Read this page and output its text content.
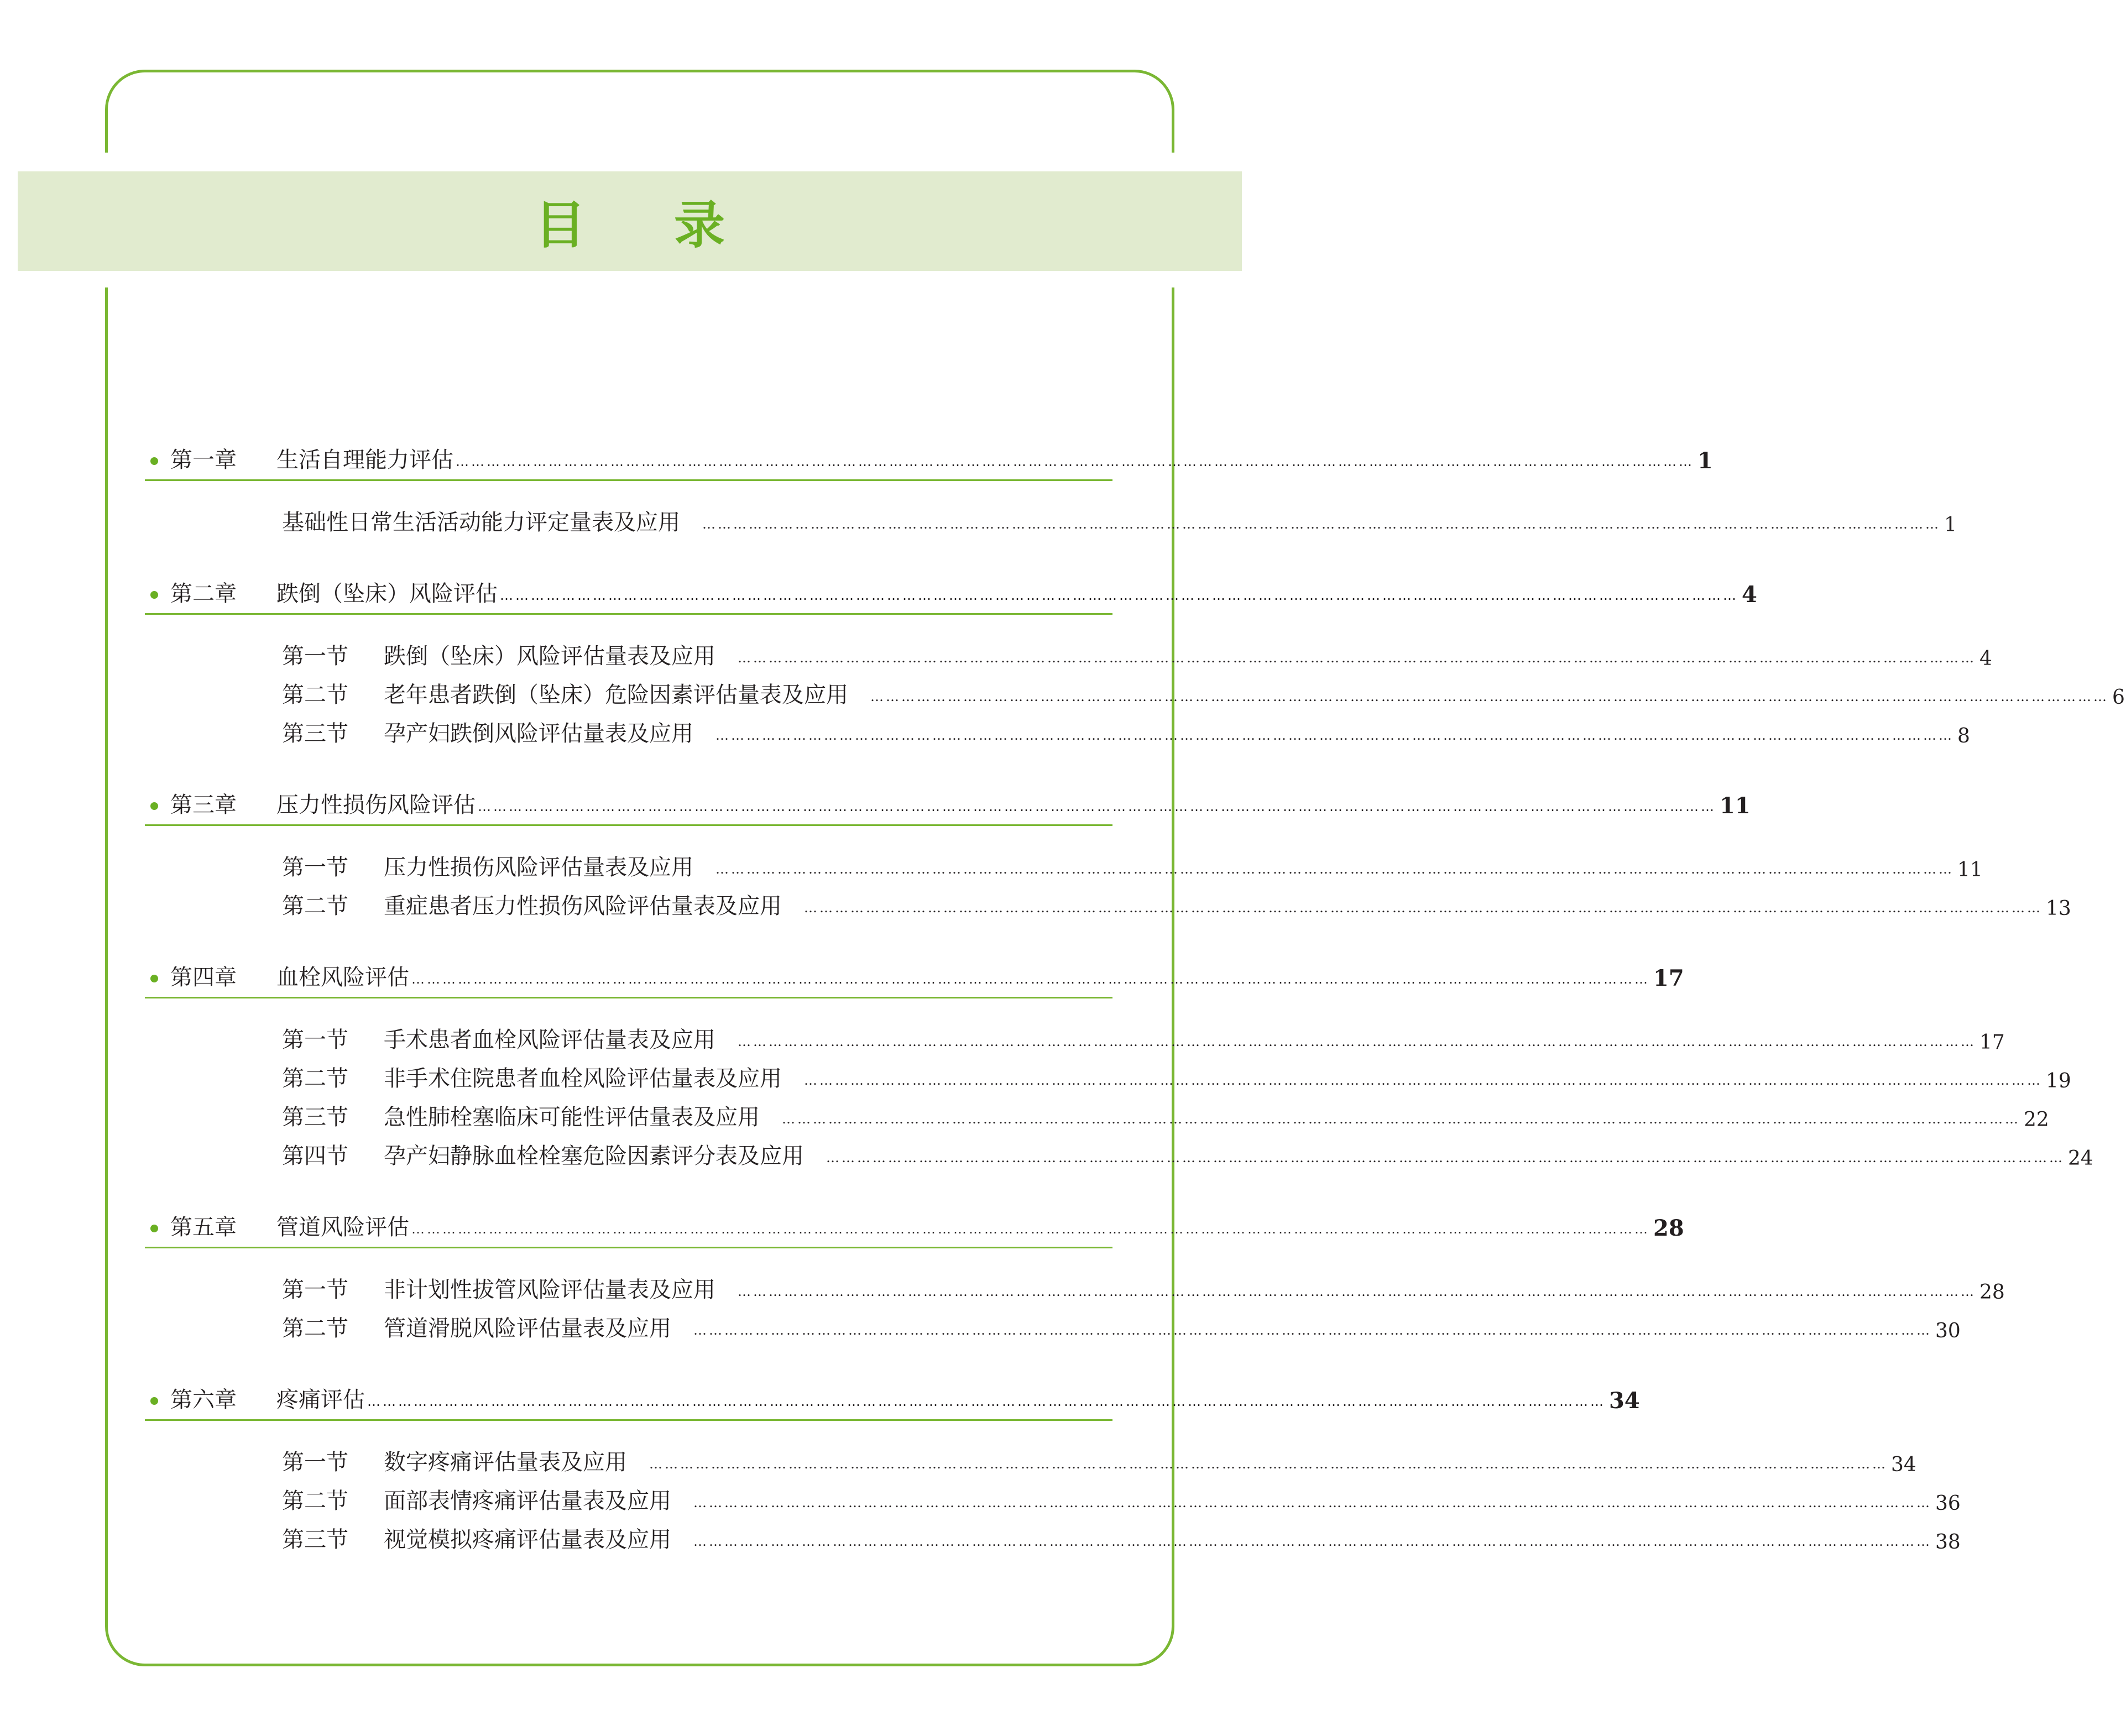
目 录
第一章	生活自理能力评估 …………………………………………………………………………………………………………………………………………………………………………………………………………………… 1
基础性日常生活活动能力评定量表及应用 …………………………………………………………………………………………………………………………………………………………………………………………………………………… 1
第二章	跌倒（坠床）风险评估 …………………………………………………………………………………………………………………………………………………………………………………………………………………… 4
第一节	跌倒（坠床）风险评估量表及应用 …………………………………………………………………………………………………………………………………………………………………………………………………………………… 4
第二节	老年患者跌倒（坠床）危险因素评估量表及应用 …………………………………………………………………………………………………………………………………………………………………………………………………………………… 6
第三节	孕产妇跌倒风险评估量表及应用 …………………………………………………………………………………………………………………………………………………………………………………………………………………… 8
第三章	压力性损伤风险评估 …………………………………………………………………………………………………………………………………………………………………………………………………………………… 11
第一节	压力性损伤风险评估量表及应用 …………………………………………………………………………………………………………………………………………………………………………………………………………………… 11
第二节	重症患者压力性损伤风险评估量表及应用 …………………………………………………………………………………………………………………………………………………………………………………………………………………… 13
第四章	血栓风险评估 …………………………………………………………………………………………………………………………………………………………………………………………………………………… 17
第一节	手术患者血栓风险评估量表及应用 …………………………………………………………………………………………………………………………………………………………………………………………………………………… 17
第二节	非手术住院患者血栓风险评估量表及应用 …………………………………………………………………………………………………………………………………………………………………………………………………………………… 19
第三节	急性肺栓塞临床可能性评估量表及应用 …………………………………………………………………………………………………………………………………………………………………………………………………………………… 22
第四节	孕产妇静脉血栓栓塞危险因素评分表及应用 …………………………………………………………………………………………………………………………………………………………………………………………………………………… 24
第五章	管道风险评估 …………………………………………………………………………………………………………………………………………………………………………………………………………………… 28
第一节	非计划性拔管风险评估量表及应用 …………………………………………………………………………………………………………………………………………………………………………………………………………………… 28
第二节	管道滑脱风险评估量表及应用 …………………………………………………………………………………………………………………………………………………………………………………………………………………… 30
第六章	疼痛评估 …………………………………………………………………………………………………………………………………………………………………………………………………………………… 34
第一节	数字疼痛评估量表及应用 …………………………………………………………………………………………………………………………………………………………………………………………………………………… 34
第二节	面部表情疼痛评估量表及应用 …………………………………………………………………………………………………………………………………………………………………………………………………………………… 36
第三节	视觉模拟疼痛评估量表及应用 …………………………………………………………………………………………………………………………………………………………………………………………………………………… 38
